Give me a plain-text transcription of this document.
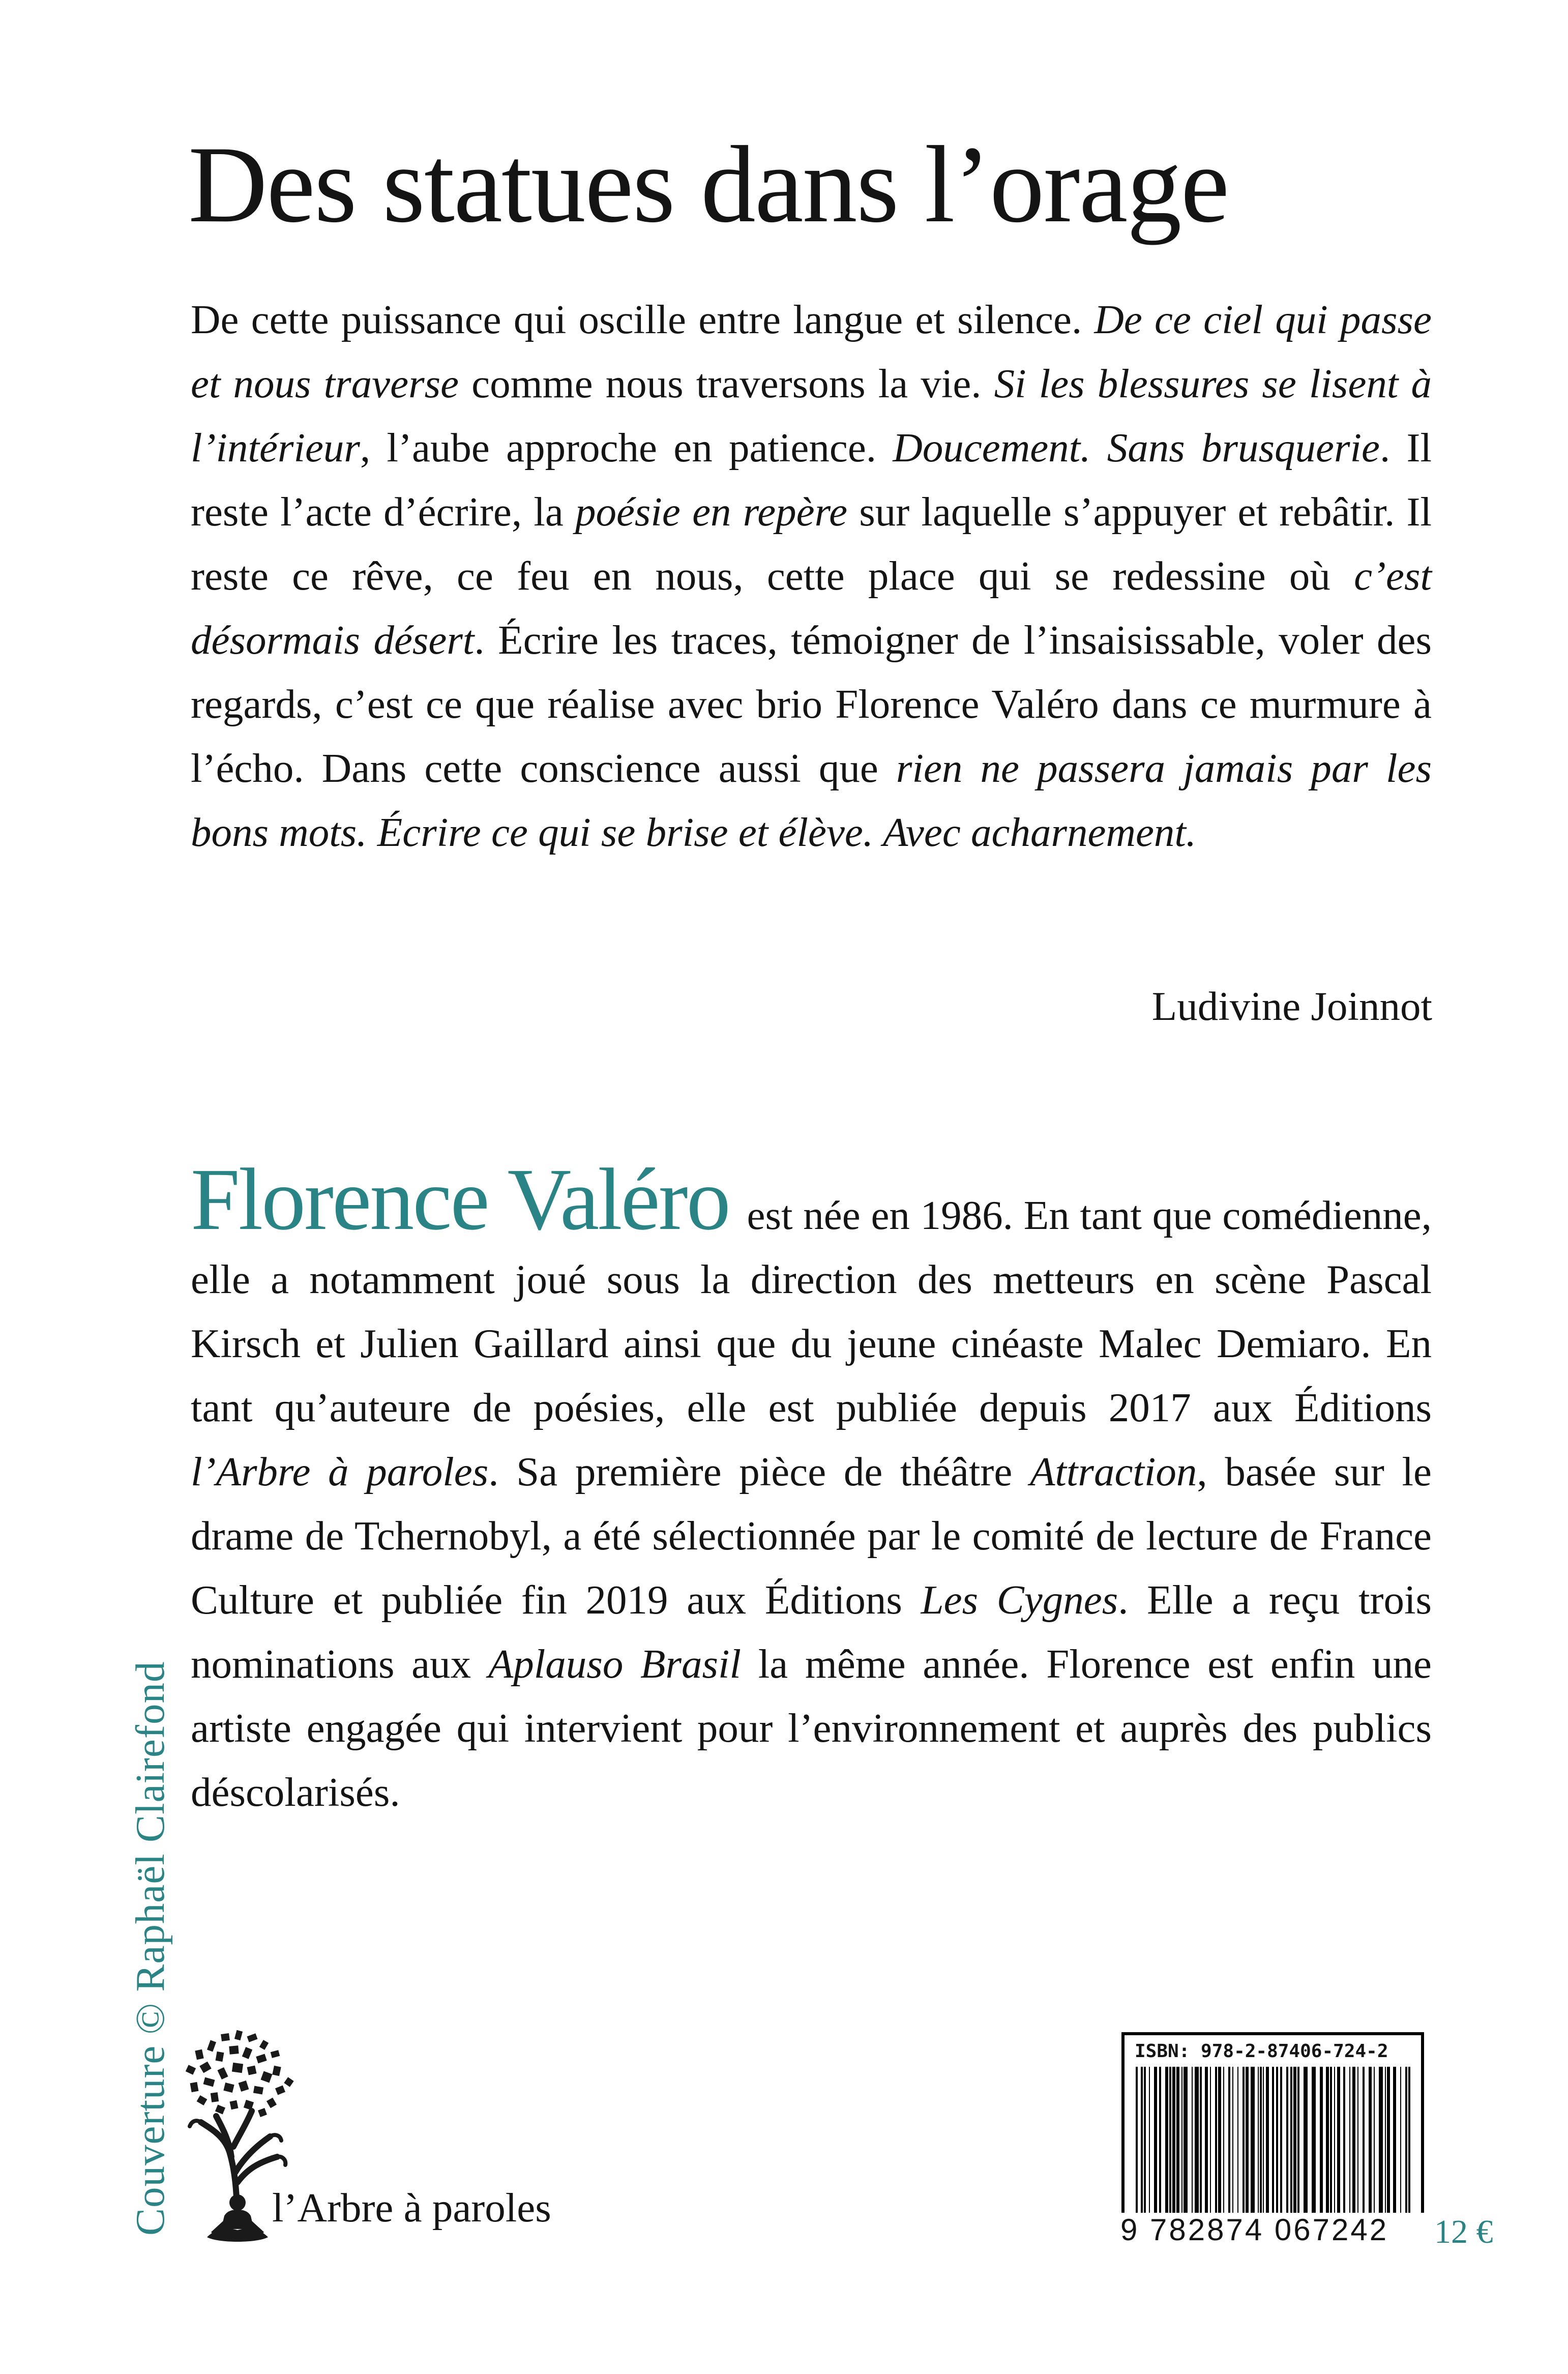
Des statues dans l’orage

De cette puissance qui oscille entre langue et silence. De ce ciel qui passe et nous traverse comme nous traversons la vie. Si les blessures se lisent à l’intérieur, l’aube approche en patience. Doucement. Sans brusquerie. Il reste l’acte d’écrire, la poésie en repère sur laquelle s’appuyer et rebâtir. Il reste ce rêve, ce feu en nous, cette place qui se redessine où c’est désormais désert. Écrire les traces, témoigner de l’insaisissable, voler des regards, c’est ce que réalise avec brio Florence Valéro dans ce murmure à l’écho. Dans cette conscience aussi que rien ne passera jamais par les bons mots. Écrire ce qui se brise et élève. Avec acharnement.

Ludivine Joinnot

Florence Valéro est née en 1986. En tant que comédienne, elle a notamment joué sous la direction des metteurs en scène Pascal Kirsch et Julien Gaillard ainsi que du jeune cinéaste Malec Demiaro. En tant qu’auteure de poésies, elle est publiée depuis 2017 aux Éditions l’Arbre à paroles. Sa première pièce de théâtre Attraction, basée sur le drame de Tchernobyl, a été sélectionnée par le comité de lecture de France Culture et publiée fin 2019 aux Éditions Les Cygnes. Elle a reçu trois nominations aux Aplauso Brasil la même année. Florence est enfin une artiste engagée qui intervient pour l’environnement et auprès des publics déscolarisés.

Couverture © Raphaël Clairefond l’Arbre à paroles
ISBN: 978-2-87406-724-2
9 782874 067242	12 €
